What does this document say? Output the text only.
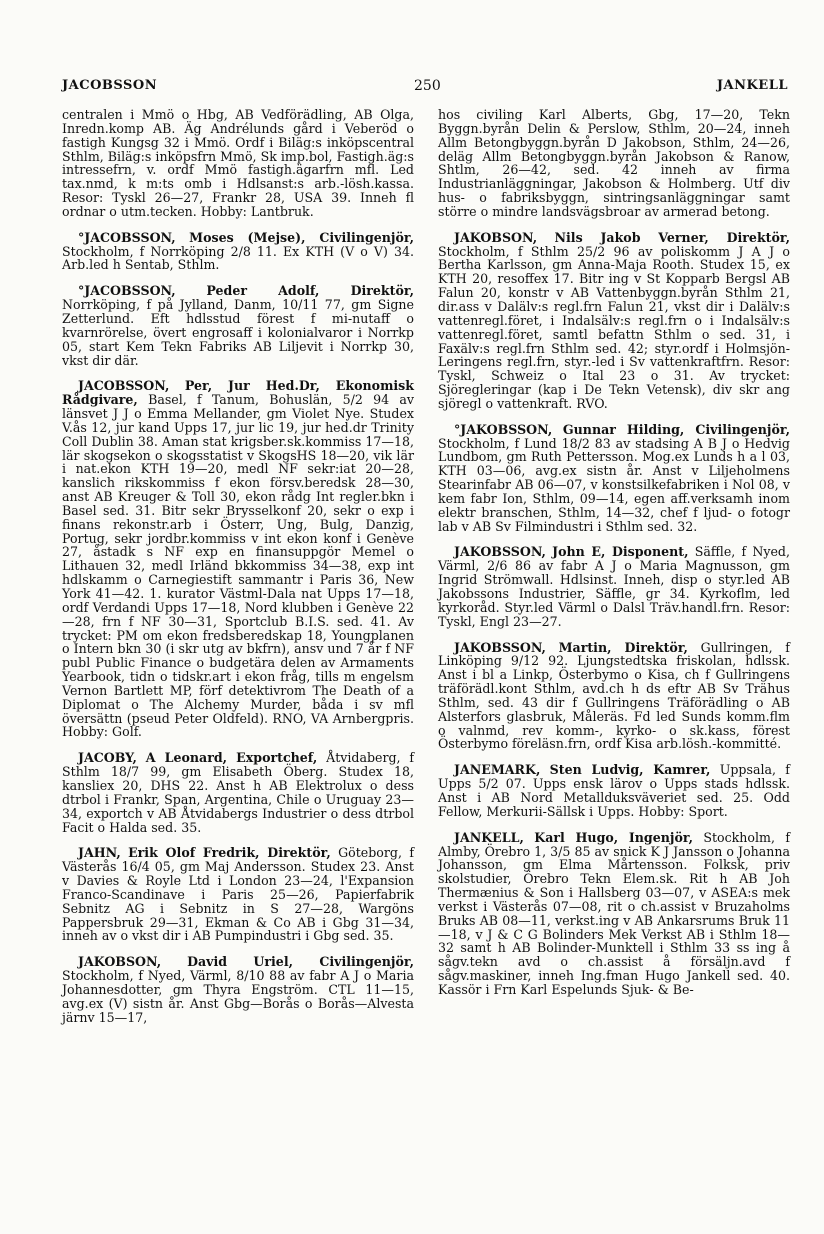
JACOBSSON	250	JANKELL

centralen i Mmö o Hbg, AB Vedförädling, AB Olga, Inredn.komp AB. Äg Andrélunds gård i Veberöd o fastigh Kungsg 32 i Mmö. Ordf i Biläg:s inköpscentral Sthlm, Biläg:s inköpsfrn Mmö, Sk imp.bol, Fastigh.äg:s intressefrn, v. ordf Mmö fastigh.ägarfrn mfl. Led tax.nmd, k m:ts omb i Hdlsanst:s arb.-lösh.kassa. Resor: Tyskl 26—27, Frankr 28, USA 39. Inneh fl ordnar o utm.tecken. Hobby: Lantbruk.

°JACOBSSON, Moses (Mejse), Civilingenjör, Stockholm, f Norrköping 2/8 11. Ex KTH (V o V) 34. Arb.led h Sentab, Sthlm.

°JACOBSSON, Peder Adolf, Direktör, Norrköping, f på Jylland, Danm, 10/11 77, gm Signe Zetterlund. Eft hdlsstud förest f mi-nutaff o kvarnrörelse, övert engrosaff i kolonialvaror i Norrkp 05, start Kem Tekn Fabriks AB Liljevit i Norrkp 30, vkst dir där.

JACOBSSON, Per, Jur Hed.Dr, Ekonomisk Rådgivare, Basel, f Tanum, Bohuslän, 5/2 94 av länsvet J J o Emma Mellander, gm Violet Nye. Studex V.ås 12, jur kand Upps 17, jur lic 19, jur hed.dr Trinity Coll Dublin 38. Aman stat krigsber.sk.kommiss 17—18, lär skogsekon o skogsstatist v SkogsHS 18—20, vik lär i nat.ekon KTH 19—20, medl NF sekr:iat 20—28, kanslich rikskommiss f ekon försv.beredsk 28—30, anst AB Kreuger & Toll 30, ekon rådg Int regler.bkn i Basel sed. 31. Bitr sekr Brysselkonf 20, sekr o exp i finans rekonstr.arb i Österr, Ung, Bulg, Danzig, Portug, sekr jordbr.kommiss v int ekon konf i Genève 27, åstadk s NF exp en finansuppgör Memel o Lithauen 32, medl Irländ bkkommiss 34—38, exp int hdlskamm o Carnegiestift sammantr i Paris 36, New York 41—42. 1. kurator Västml-Dala nat Upps 17—18, ordf Verdandi Upps 17—18, Nord klubben i Genève 22—28, frn f NF 30—31, Sportclub B.I.S. sed. 41. Av trycket: PM om ekon fredsberedskap 18, Youngplanen o Intern bkn 30 (i skr utg av bkfrn), ansv und 7 år f NF publ Public Finance o budgetära delen av Armaments Yearbook, tidn o tidskr.art i ekon fråg, tills m engelsm Vernon Bartlett MP, förf detektivrom The Death of a Diplomat o The Alchemy Murder, båda i sv mfl översättn (pseud Peter Oldfeld). RNO, VA Arnbergpris. Hobby: Golf.

JACOBY, A Leonard, Exportchef, Åtvidaberg, f Sthlm 18/7 99, gm Elisabeth Öberg. Studex 18, kansliex 20, DHS 22. Anst h AB Elektrolux o dess dtrbol i Frankr, Span, Argentina, Chile o Uruguay 23—34, exportch v AB Åtvidabergs Industrier o dess dtrbol Facit o Halda sed. 35.

JAHN, Erik Olof Fredrik, Direktör, Göteborg, f Västerås 16/4 05, gm Maj Andersson. Studex 23. Anst v Davies & Royle Ltd i London 23—24, l'Expansion Franco-Scandinave i Paris 25—26, Papierfabrik Sebnitz AG i Sebnitz in S 27—28, Wargöns Pappersbruk 29—31, Ekman & Co AB i Gbg 31—34, inneh av o vkst dir i AB Pumpindustri i Gbg sed. 35.

JAKOBSON, David Uriel, Civilingenjör, Stockholm, f Nyed, Värml, 8/10 88 av fabr A J o Maria Johannesdotter, gm Thyra Engström. CTL 11—15, avg.ex (V) sistn år. Anst Gbg—Borås o Borås—Alvesta järnv 15—17,

hos civiling Karl Alberts, Gbg, 17—20, Tekn Byggn.byrån Delin & Perslow, Sthlm, 20—24, inneh Allm Betongbyggn.byrån D Jakobson, Sthlm, 24—26, deläg Allm Betongbyggn.byrån Jakobson & Ranow, Shtlm, 26—42, sed. 42 inneh av firma Industrianläggningar, Jakobson & Holmberg. Utf div hus- o fabriksbyggn, sintringsanläggningar samt större o mindre landsvägsbroar av armerad betong.

JAKOBSON, Nils Jakob Verner, Direktör, Stockholm, f Sthlm 25/2 96 av poliskomm J A J o Bertha Karlsson, gm Anna-Maja Rooth. Studex 15, ex KTH 20, resoffex 17. Bitr ing v St Kopparb Bergsl AB Falun 20, konstr v AB Vattenbyggn.byrån Sthlm 21, dir.ass v Dalälv:s regl.frn Falun 21, vkst dir i Dalälv:s vattenregl.föret, i Indalsälv:s regl.frn o i Indalsälv:s vattenregl.föret, samtl befattn Sthlm o sed. 31, i Faxälv:s regl.frn Sthlm sed. 42; styr.ordf i Holmsjön-Leringens regl.frn, styr.-led i Sv vattenkraftfrn. Resor: Tyskl, Schweiz o Ital 23 o 31. Av trycket: Sjöregleringar (kap i De Tekn Vetensk), div skr ang sjöregl o vattenkraft. RVO.

°JAKOBSSON, Gunnar Hilding, Civilingenjör, Stockholm, f Lund 18/2 83 av stadsing A B J o Hedvig Lundbom, gm Ruth Pettersson. Mog.ex Lunds h a l 03, KTH 03—06, avg.ex sistn år. Anst v Liljeholmens Stearinfabr AB 06—07, v konstsilkefabriken i Nol 08, v kem fabr Ion, Sthlm, 09—14, egen aff.verksamh inom elektr branschen, Sthlm, 14—32, chef f ljud- o fotogr lab v AB Sv Filmindustri i Sthlm sed. 32.

JAKOBSSON, John E, Disponent, Säffle, f Nyed, Värml, 2/6 86 av fabr A J o Maria Magnusson, gm Ingrid Strömwall. Hdlsinst. Inneh, disp o styr.led AB Jakobssons Industrier, Säffle, gr 34. Kyrkoflm, led kyrkoråd. Styr.led Värml o Dalsl Träv.handl.frn. Resor: Tyskl, Engl 23—27.

JAKOBSSON, Martin, Direktör, Gullringen, f Linköping 9/12 92. Ljungstedtska friskolan, hdlssk. Anst i bl a Linkp, Österbymo o Kisa, ch f Gullringens träförädl.kont Sthlm, avd.ch h ds eftr AB Sv Trähus Sthlm, sed. 43 dir f Gullringens Träförädling o AB Alsterfors glasbruk, Måleräs. Fd led Sunds komm.flm o valnmd, rev komm-, kyrko- o sk.kass, förest Österbymo föreläsn.frn, ordf Kisa arb.lösh.-kommitté.

JANEMARK, Sten Ludvig, Kamrer, Uppsala, f Upps 5/2 07. Upps ensk lärov o Upps stads hdlssk. Anst i AB Nord Metallduksväveriet sed. 25. Odd Fellow, Merkurii-Sällsk i Upps. Hobby: Sport.

JANKELL, Karl Hugo, Ingenjör, Stockholm, f Almby, Örebro 1, 3/5 85 av snick K J Jansson o Johanna Johansson, gm Elma Mårtensson. Folksk, priv skolstudier, Örebro Tekn Elem.sk. Rit h AB Joh Thermænius & Son i Hallsberg 03—07, v ASEA:s mek verkst i Västerås 07—08, rit o ch.assist v Bruzaholms Bruks AB 08—11, verkst.ing v AB Ankarsrums Bruk 11—18, v J & C G Bolinders Mek Verkst AB i Sthlm 18—32 samt h AB Bolinder-Munktell i Sthlm 33 ss ing å sågv.tekn avd o ch.assist å försäljn.avd f sågv.maskiner, inneh Ing.fman Hugo Jankell sed. 40. Kassör i Frn Karl Espelunds Sjuk- & Be-
